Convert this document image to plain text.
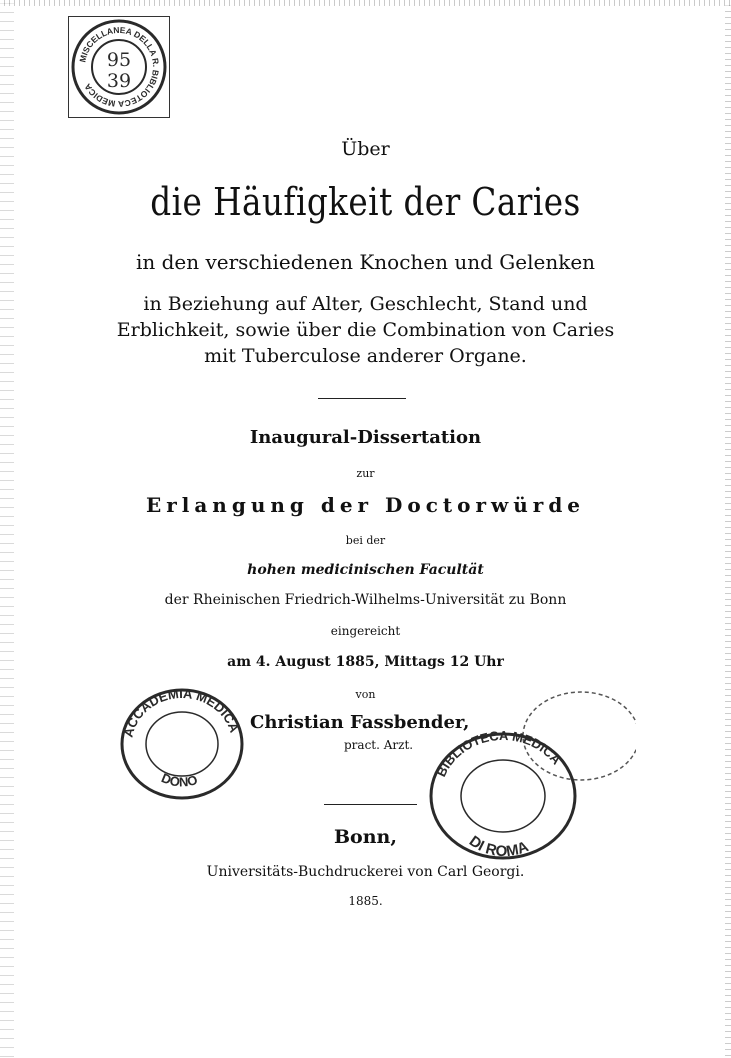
MISCELLANEA DELLA R. BIBLIOTECA MEDICA
95
39
Über
die Häufigkeit der Caries
in den verschiedenen Knochen und Gelenken
in Beziehung auf Alter, Geschlecht, Stand und
Erblichkeit, sowie über die Combination von Caries
mit Tuberculose anderer Organe.
Inaugural-Dissertation
zur
Erlangung der Doctorwürde
bei der
hohen medicinischen Facultät
der Rheinischen Friedrich-Wilhelms-Universität zu Bonn
eingereicht
am 4. August 1885, Mittags 12 Uhr
von
ACCADEMIA MEDICA
DONO
Christian Fassbender,
pract. Arzt.
BIBLIOTECA MEDICA
DI ROMA
Bonn,
Universitäts-Buchdruckerei von Carl Georgi.
1885.
